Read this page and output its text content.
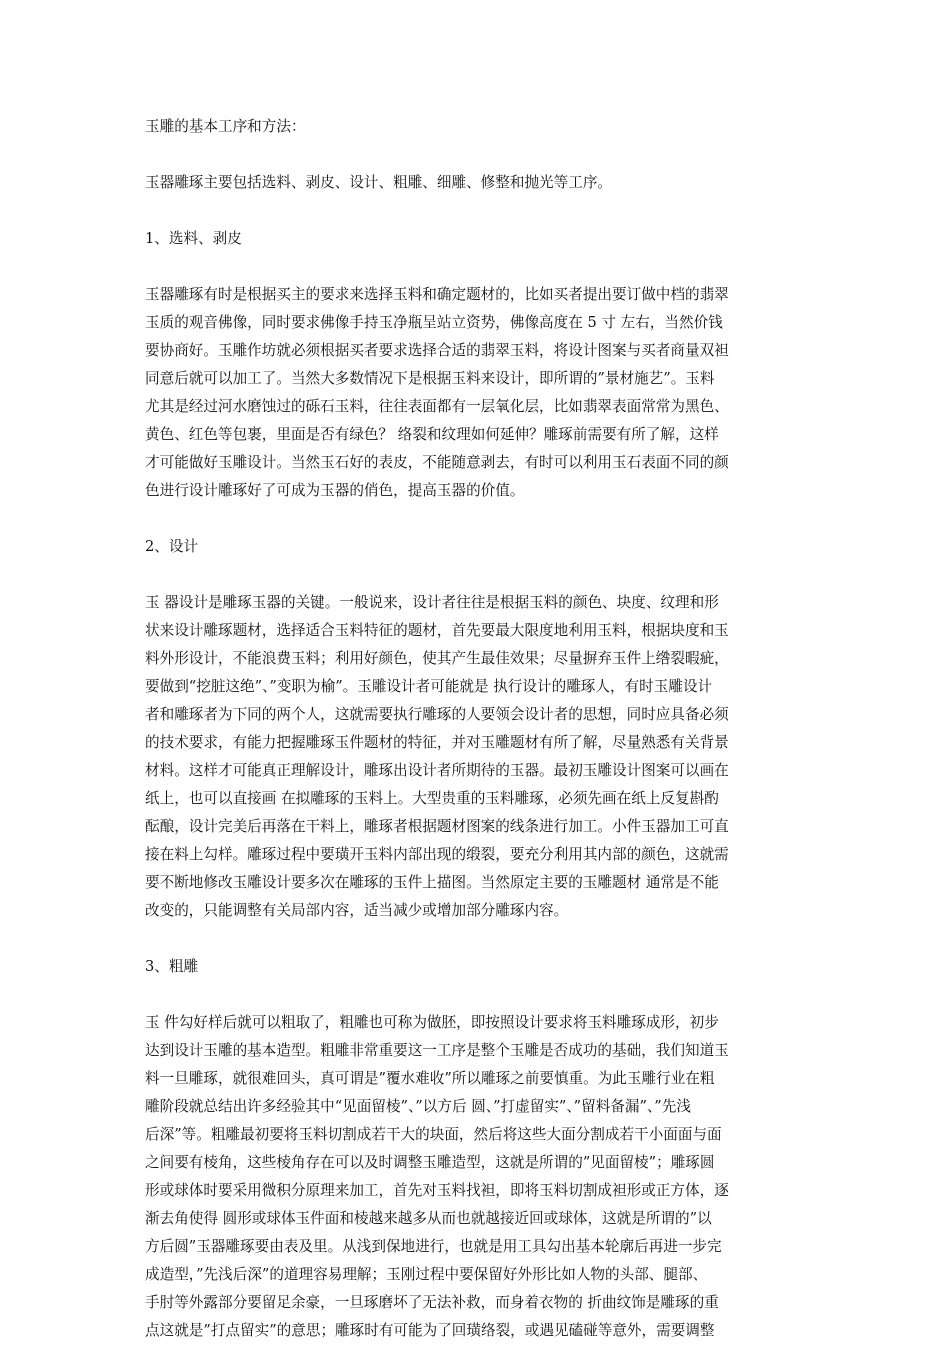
玉雕的基本工序和方法：

玉器雕琢主要包括选料、剥皮、设计、粗雕、细雕、修整和抛光等工序。

1、选料、剥皮

玉器雕琢有时是根据买主的要求来选择玉料和确定题材的，比如买者提出要订做中档的翡翠

玉质的观音佛像，同时要求佛像手持玉净瓶呈站立资势，佛像高度在 5 寸 左右，当然价钱

要协商好。玉雕作坊就必须根据买者要求选择合适的翡翠玉料，将设计图案与买者商量双袒

同意后就可以加工了。当然大多数情况下是根据玉料来设计，即所谓的”景材施艺”。玉料

尤其是经过河水磨蚀过的砾石玉料，往往表面都有一层氧化层，比如翡翠表面常常为黑色、

黄色、红色等包裹，里面是否有绿色？ 络裂和纹理如何延伸？雕琢前需要有所了解，这样

才可能做好玉雕设计。当然玉石好的表皮，不能随意剥去，有时可以利用玉石表面不同的颜

色进行设计雕琢好了可成为玉器的俏色，提高玉器的价值。

2、设计

玉 器设计是雕琢玉器的关键。一般说来，设计者往往是根据玉料的颜色、块度、纹理和形

状来设计雕琢题材，选择适合玉料特征的题材，首先要最大限度地利用玉料，根据块度和玉

料外形设计，不能浪费玉料；利用好颜色，使其产生最佳效果；尽量摒弃玉件上绺裂暇疵，

要做到“挖脏这绝”、”变职为榆”。玉雕设计者可能就是 执行设计的雕琢人，有时玉雕设计

者和雕琢者为下同的两个人，这就需要执行雕琢的人要领会设计者的思想，同时应具备必须

的技术要求，有能力把握雕琢玉件题材的特征，并对玉雕题材有所了解，尽量熟悉有关背景

材料。这样才可能真正理解设计，雕琢出设计者所期待的玉器。最初玉雕设计图案可以画在

纸上，也可以直接画 在拟雕琢的玉料上。大型贵重的玉料雕琢，必须先画在纸上反复斟酌

酝酿，设计完美后再落在干料上，雕琢者根据题材图案的线条进行加工。小件玉器加工可直

接在料上勾样。雕琢过程中要璜开玉料内部出现的缎裂，要充分利用其内部的颜色，这就需

要不断地修改玉雕设计要多次在雕琢的玉件上描图。当然原定主要的玉雕题材 通常是不能

改变的，只能调整有关局部内容，适当减少或增加部分雕琢内容。

3、粗雕

玉 件勾好样后就可以粗取了，粗雕也可称为做胚，即按照设计要求将玉料雕琢成形，初步

达到设计玉雕的基本造型。粗雕非常重要这一工序是整个玉雕是否成功的基础，我们知道玉

料一旦雕琢，就很难回头，真可谓是”覆水难收”所以雕琢之前要慎重。为此玉雕行业在粗

雕阶段就总结出许多经验其中“见面留棱”、”以方后 圆、”打虚留实”、”留料备漏”、”先浅

后深”等。粗雕最初要将玉料切割成若干大的块面，然后将这些大面分割成若干小面面与面

之间要有棱角，这些棱角存在可以及时调整玉雕造型，这就是所谓的”见面留棱”；雕琢圆

形或球体时要采用微积分原理来加工，首先对玉料找袒，即将玉料切割成袒形或正方体，逐

渐去角使得 圆形或球体玉件面和棱越来越多从而也就越接近回或球体，这就是所谓的”以

方后圆”玉器雕琢要由表及里。从浅到保地进行，也就是用工具勾出基本轮廓后再进一步完

成造型，”先浅后深”的道理容易理解；玉刚过程中要保留好外形比如人物的头部、腿部、

手肘等外露部分要留足余豪，一旦琢磨坏了无法补救，而身着衣物的 折曲纹饰是雕琢的重

点这就是”打点留实”的意思；雕琢时有可能为了回璜络裂，或遇见磕碰等意外，需要调整
